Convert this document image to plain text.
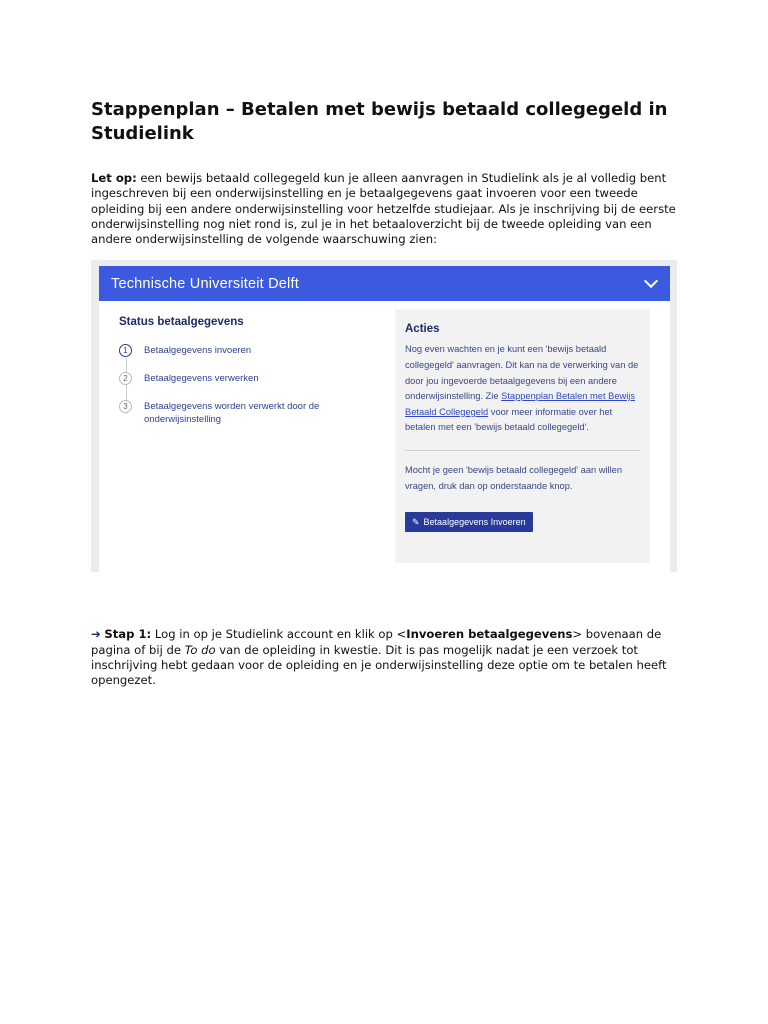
Stappenplan – Betalen met bewijs betaald collegegeld in Studielink

Let op: een bewijs betaald collegegeld kun je alleen aanvragen in Studielink als je al volledig bent ingeschreven bij een onderwijsinstelling en je betaalgegevens gaat invoeren voor een tweede opleiding bij een andere onderwijsinstelling voor hetzelfde studiejaar. Als je inschrijving bij de eerste onderwijsinstelling nog niet rond is, zul je in het betaaloverzicht bij de tweede opleiding van een andere onderwijsinstelling de volgende waarschuwing zien:

Technische Universiteit Delft
Status betaalgegevens
1	Betaalgegevens invoeren
2	Betaalgegevens verwerken
3	Betaalgegevens worden verwerkt door de onderwijsinstelling
Acties

Nog even wachten en je kunt een 'bewijs betaald collegegeld' aanvragen. Dit kan na de verwerking van de door jou ingevoerde betaalgegevens bij een andere onderwijsinstelling. Zie Stappenplan Betalen met Bewijs Betaald Collegegeld voor meer informatie over het betalen met een 'bewijs betaald collegegeld'.

Mocht je geen 'bewijs betaald collegegeld' aan willen vragen, druk dan op onderstaande knop.

✎ Betaalgegevens Invoeren

➔ Stap 1: Log in op je Studielink account en klik op <Invoeren betaalgegevens> bovenaan de pagina of bij de To do van de opleiding in kwestie. Dit is pas mogelijk nadat je een verzoek tot inschrijving hebt gedaan voor de opleiding en je onderwijsinstelling deze optie om te betalen heeft opengezet.
